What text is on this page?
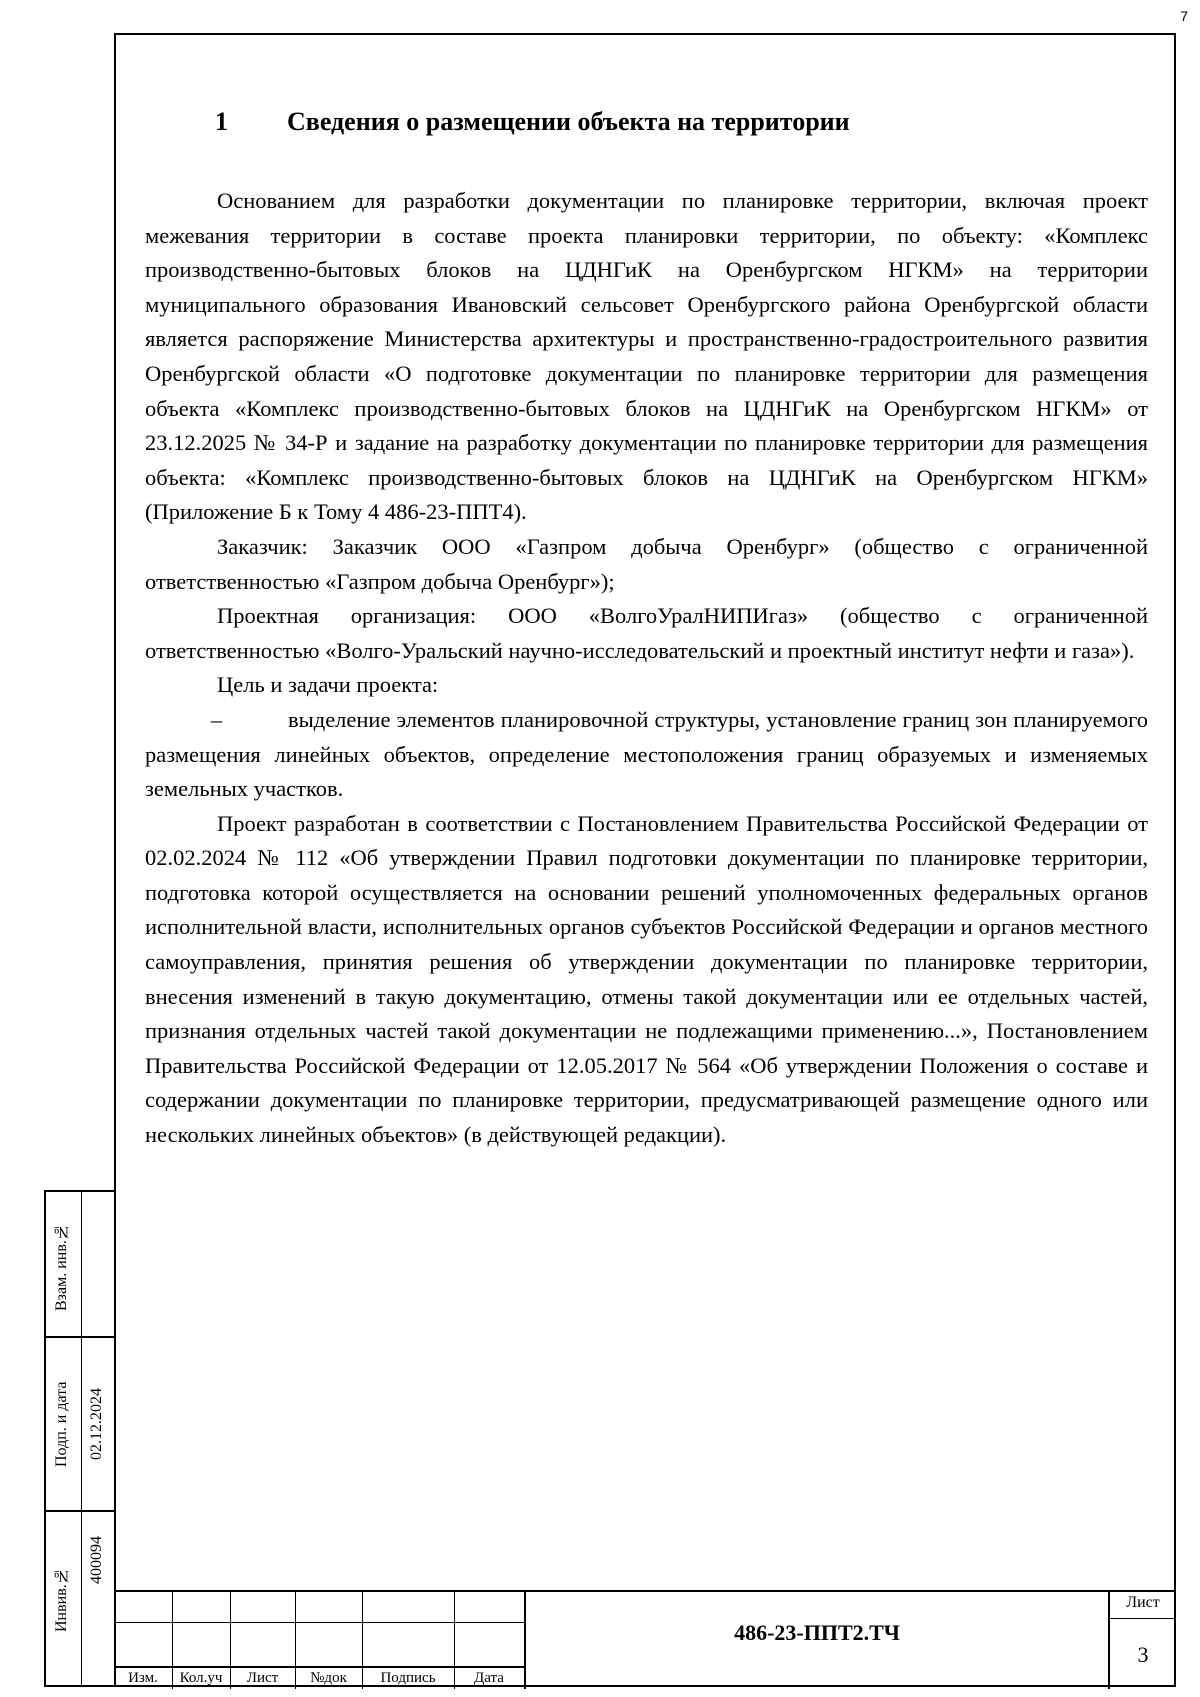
7
1 Сведения о размещении объекта на территории

Основанием для разработки документации по планировке территории, включая проект межевания территории в составе проекта планировки территории, по объекту: «Комплекс производственно-бытовых блоков на ЦДНГиК на Оренбургском НГКМ» на территории муниципального образования Ивановский сельсовет Оренбургского района Оренбургской области является распоряжение Министерства архитектуры и пространственно-градостроительного развития Оренбургской области «О подготовке документации по планировке территории для размещения объекта «Комплекс производственно-бытовых блоков на ЦДНГиК на Оренбургском НГКМ» от 23.12.2025 № 34-Р и задание на разработку документации по планировке территории для размещения объекта: «Комплекс производственно-бытовых блоков на ЦДНГиК на Оренбургском НГКМ» (Приложение Б к Тому 4 486-23-ППТ4).

Заказчик: Заказчик ООО «Газпром добыча Оренбург» (общество с ограниченной ответственностью «Газпром добыча Оренбург»);

Проектная организация: ООО «ВолгоУралНИПИгаз» (общество с ограниченной ответственностью «Волго-Уральский научно-исследовательский и проектный институт нефти и газа»).

Цель и задачи проекта:

–	выделение элементов планировочной структуры, установление границ зон планируемого размещения линейных объектов, определение местоположения границ образуемых и изменяемых земельных участков.

Проект разработан в соответствии с Постановлением Правительства Российской Федерации от 02.02.2024 № 112 «Об утверждении Правил подготовки документации по планировке территории, подготовка которой осуществляется на основании решений уполномоченных федеральных органов исполнительной власти, исполнительных органов субъектов Российской Федерации и органов местного самоуправления, принятия решения об утверждении документации по планировке территории, внесения изменений в такую документацию, отмены такой документации или ее отдельных частей, признания отдельных частей такой документации не подлежащими применению...», Постановлением Правительства Российской Федерации от 12.05.2017 № 564 «Об утверждении Положения о составе и содержании документации по планировке территории, предусматривающей размещение одного или нескольких линейных объектов» (в действующей редакции).

Взам. инв.№
Подп. и дата 02.12.2024
Инвив.№
400094
Изм.	Кол.уч	Лист	№док	Подпись	Дата
486-23-ППТ2.ТЧ
Лист
3
